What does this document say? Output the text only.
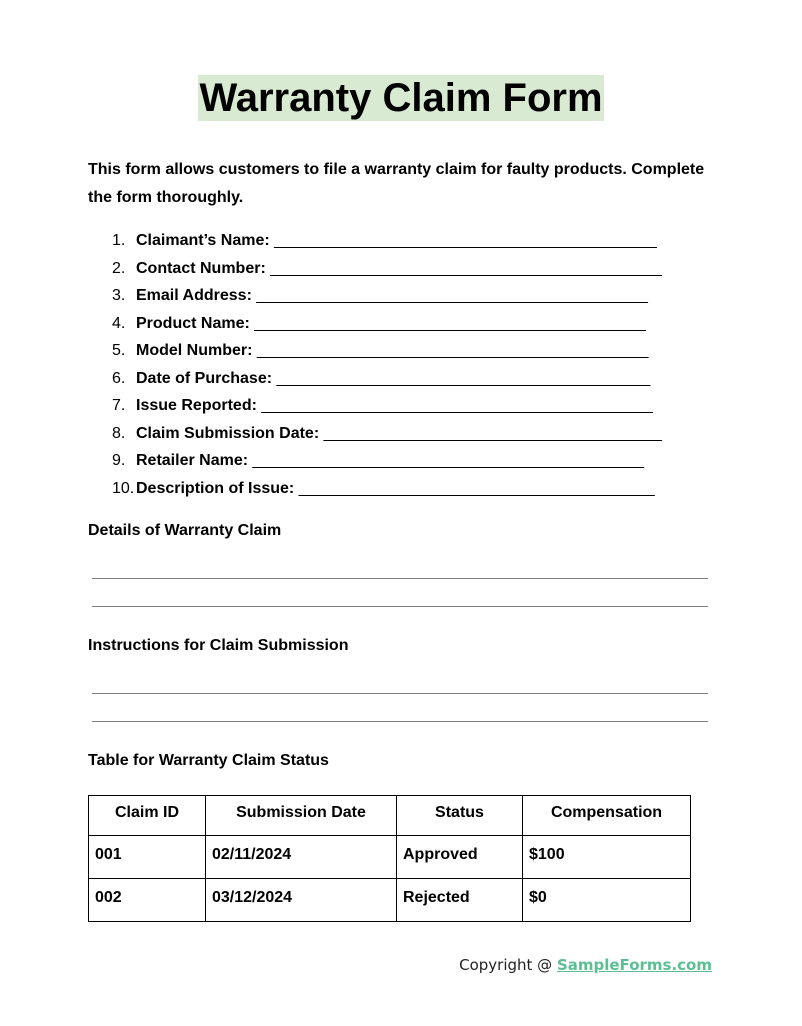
Warranty Claim Form
This form allows customers to file a warranty claim for faulty products. Complete the form thoroughly.
1. Claimant’s Name: ___________________________________________
2. Contact Number: ____________________________________________
3. Email Address: ____________________________________________
4. Product Name: ____________________________________________
5. Model Number: ____________________________________________
6. Date of Purchase: __________________________________________
7. Issue Reported: ____________________________________________
8. Claim Submission Date: ______________________________________
9. Retailer Name: ____________________________________________
10. Description of Issue: ________________________________________
Details of Warranty Claim
Instructions for Claim Submission
Table for Warranty Claim Status
Claim ID	Submission Date	Status	Compensation
001	02/11/2024	Approved	$100
002	03/12/2024	Rejected	$0
Copyright @ SampleForms.com
